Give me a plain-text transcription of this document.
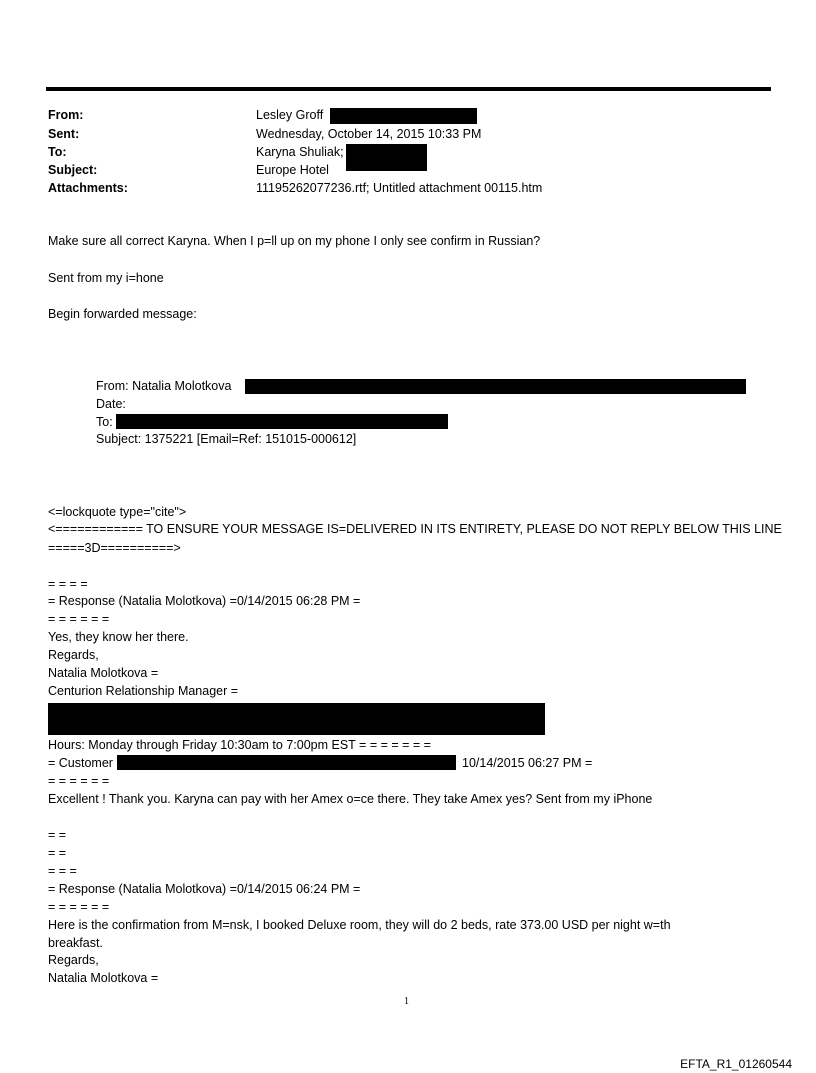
From:	Lesley Groff
Sent:	Wednesday, October 14, 2015 10:33 PM
To:	Karyna Shuliak;
Subject:	Europe Hotel
Attachments:	11195262077236.rtf; Untitled attachment 00115.htm
Make sure all correct Karyna. When I p=ll up on my phone I only see confirm in Russian?
Sent from my i=hone
Begin forwarded message:
From: Natalia Molotkova
Date:
To:
Subject: 1375221 [Email=Ref: 151015-000612]
<=lockquote type="cite">
<============ TO ENSURE YOUR MESSAGE IS=DELIVERED IN ITS ENTIRETY, PLEASE DO NOT REPLY BELOW THIS LINE
=====3D==========>
= = = =
= Response (Natalia Molotkova) =0/14/2015 06:28 PM =
= = = = = =
Yes, they know her there.
Regards,
Natalia Molotkova =
Centurion Relationship Manager =
Hours: Monday through Friday 10:30am to 7:00pm EST = = = = = = =
= Customer	10/14/2015 06:27 PM =
= = = = = =
Excellent ! Thank you. Karyna can pay with her Amex o=ce there. They take Amex yes? Sent from my iPhone
= =
= =
= = =
= Response (Natalia Molotkova) =0/14/2015 06:24 PM =
= = = = = =
Here is the confirmation from M=nsk, I booked Deluxe room, they will do 2 beds, rate 373.00 USD per night w=th
breakfast.
Regards,
Natalia Molotkova =
1
EFTA_R1_01260544
